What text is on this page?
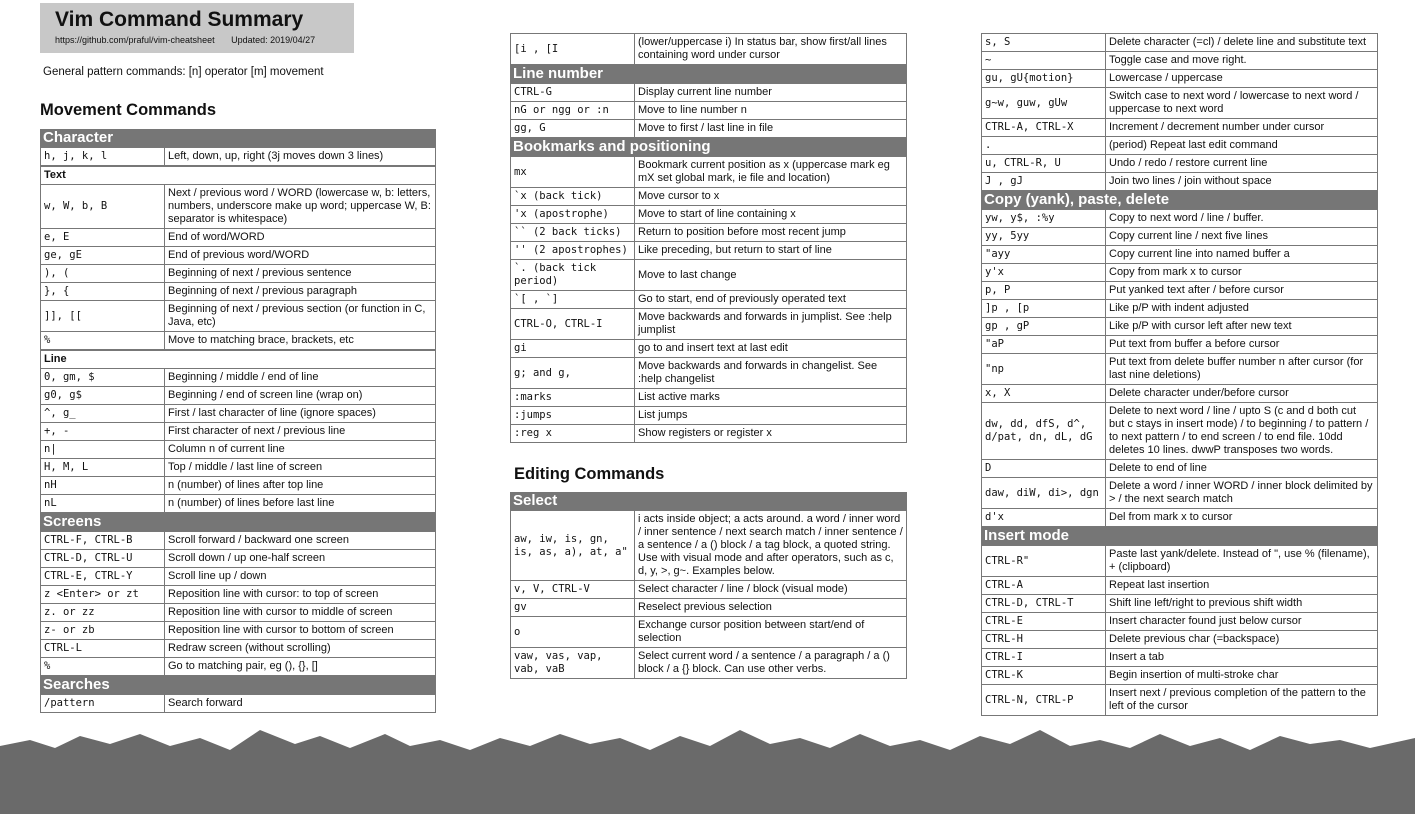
Vim Command Summary
https://github.com/praful/vim-cheatsheet Updated: 2019/04/27
General pattern commands: [n] operator [m] movement
Movement Commands
Character
h, j, k, l	Left, down, up, right (3j moves down 3 lines)
Text	
w, W, b, B	Next / previous word / WORD (lowercase w, b: letters, numbers, underscore make up word; uppercase W, B: separator is whitespace)
e, E	End of word/WORD
ge, gE	End of previous word/WORD
), (	Beginning of next / previous sentence
}, {	Beginning of next / previous paragraph
]], [[	Beginning of next / previous section (or function in C, Java, etc)
%	Move to matching brace, brackets, etc
Line	
0, gm, $	Beginning / middle / end of line
g0, g$	Beginning / end of screen line (wrap on)
^, g_	First / last character of line (ignore spaces)
+, -	First character of next / previous line
n|	Column n of current line
H, M, L	Top / middle / last line of screen
nH	n (number) of lines after top line
nL	n (number) of lines before last line
Screens
CTRL-F, CTRL-B	Scroll forward / backward one screen
CTRL-D, CTRL-U	Scroll down / up one-half screen
CTRL-E, CTRL-Y	Scroll line up / down
z <Enter> or zt	Reposition line with cursor: to top of screen
z. or zz	Reposition line with cursor to middle of screen
z- or zb	Reposition line with cursor to bottom of screen
CTRL-L	Redraw screen (without scrolling)
%	Go to matching pair, eg (), {}, []
Searches
/pattern	Search forward
[i , [I	(lower/uppercase i) In status bar, show first/all lines containing word under cursor
Line number
CTRL-G	Display current line number
nG or ngg or :n	Move to line number n
gg, G	Move to first / last line in file
Bookmarks and positioning
mx	Bookmark current position as x (uppercase mark eg mX set global mark, ie file and location)
`x (back tick)	Move cursor to x
'x (apostrophe)	Move to start of line containing x
`` (2 back ticks)	Return to position before most recent jump
'' (2 apostrophes)	Like preceding, but return to start of line
`. (back tick period)	Move to last change
`[ , `]	Go to start, end of previously operated text
CTRL-O, CTRL-I	Move backwards and forwards in jumplist. See :help jumplist
gi	go to and insert text at last edit
g; and g,	Move backwards and forwards in changelist. See :help changelist
:marks	List active marks
:jumps	List jumps
:reg x	Show registers or register x
Editing Commands
Select
aw, iw, is, gn, is, as, a), at, a"	i acts inside object; a acts around. a word / inner word / inner sentence / next search match / inner sentence / a sentence / a () block / a tag block, a quoted string. Use with visual mode and after operators, such as c, d, y, >, g~. Examples below.
v, V, CTRL-V	Select character / line / block (visual mode)
gv	Reselect previous selection
o	Exchange cursor position between start/end of selection
vaw, vas, vap, vab, vaB	Select current word / a sentence / a paragraph / a () block / a {} block. Can use other verbs.
s, S	Delete character (=cl) / delete line and substitute text
~	Toggle case and move right.
gu, gU{motion}	Lowercase / uppercase
g~w, guw, gUw	Switch case to next word / lowercase to next word / uppercase to next word
CTRL-A, CTRL-X	Increment / decrement number under cursor
.	(period) Repeat last edit command
u, CTRL-R, U	Undo / redo / restore current line
J , gJ	Join two lines / join without space
Copy (yank), paste, delete
yw, y$, :%y	Copy to next word / line / buffer.
yy, 5yy	Copy current line / next five lines
"ayy	Copy current line into named buffer a
y'x	Copy from mark x to cursor
p, P	Put yanked text after / before cursor
]p , [p	Like p/P with indent adjusted
gp , gP	Like p/P with cursor left after new text
"aP	Put text from buffer a before cursor
"np	Put text from delete buffer number n after cursor (for last nine deletions)
x, X	Delete character under/before cursor
dw, dd, dfS, d^, d/pat, dn, dL, dG	Delete to next word / line / upto S (c and d both cut but c stays in insert mode) / to beginning / to pattern / to next pattern / to end screen / to end file. 10dd deletes 10 lines. dwwP transposes two words.
D	Delete to end of line
daw, diW, di>, dgn	Delete a word / inner WORD / inner block delimited by > / the next search match
d'x	Del from mark x to cursor
Insert mode
CTRL-R"	Paste last yank/delete. Instead of ", use % (filename), + (clipboard)
CTRL-A	Repeat last insertion
CTRL-D, CTRL-T	Shift line left/right to previous shift width
CTRL-E	Insert character found just below cursor
CTRL-H	Delete previous char (=backspace)
CTRL-I	Insert a tab
CTRL-K	Begin insertion of multi-stroke char
CTRL-N, CTRL-P	Insert next / previous completion of the pattern to the left of the cursor
